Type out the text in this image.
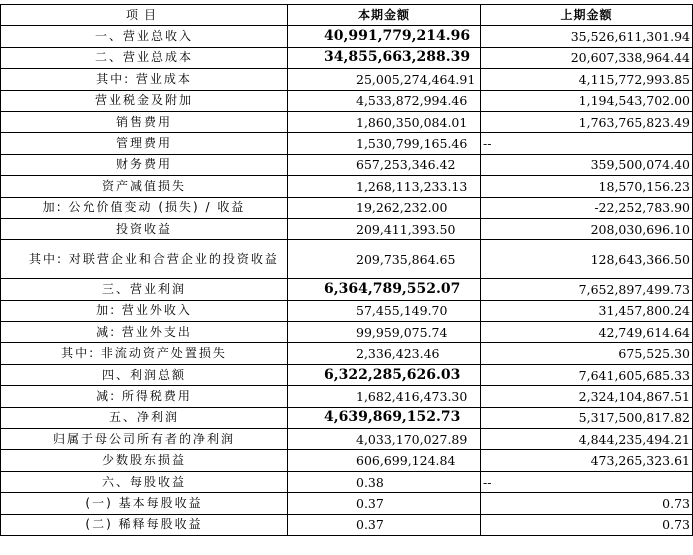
项目	本期金额	上期金额
一、营业总收入	40,991,779,214.96	35,526,611,301.94
二、营业总成本	34,855,663,288.39	20,607,338,964.44
其中: 营业成本	25,005,274,464.91	4,115,772,993.85
营业税金及附加	4,533,872,994.46	1,194,543,702.00
销售费用	1,860,350,084.01	1,763,765,823.49
管理费用	1,530,799,165.46	--
财务费用	657,253,346.42	359,500,074.40
资产减值损失	1,268,113,233.13	18,570,156.23
加: 公允价值变动 (损失) / 收益	19,262,232.00	-22,252,783.90
投资收益	209,411,393.50	208,030,696.10
其中: 对联营企业和合营企业的投资收益	209,735,864.65	128,643,366.50
三、营业利润	6,364,789,552.07	7,652,897,499.73
加: 营业外收入	57,455,149.70	31,457,800.24
减: 营业外支出	99,959,075.74	42,749,614.64
其中: 非流动资产处置损失	2,336,423.46	675,525.30
四、利润总额	6,322,285,626.03	7,641,605,685.33
减: 所得税费用	1,682,416,473.30	2,324,104,867.51
五、净利润	4,639,869,152.73	5,317,500,817.82
归属于母公司所有者的净利润	4,033,170,027.89	4,844,235,494.21
少数股东损益	606,699,124.84	473,265,323.61
六、每股收益	0.38	--
(一) 基本每股收益	0.37	0.73
(二) 稀释每股收益	0.37	0.73
